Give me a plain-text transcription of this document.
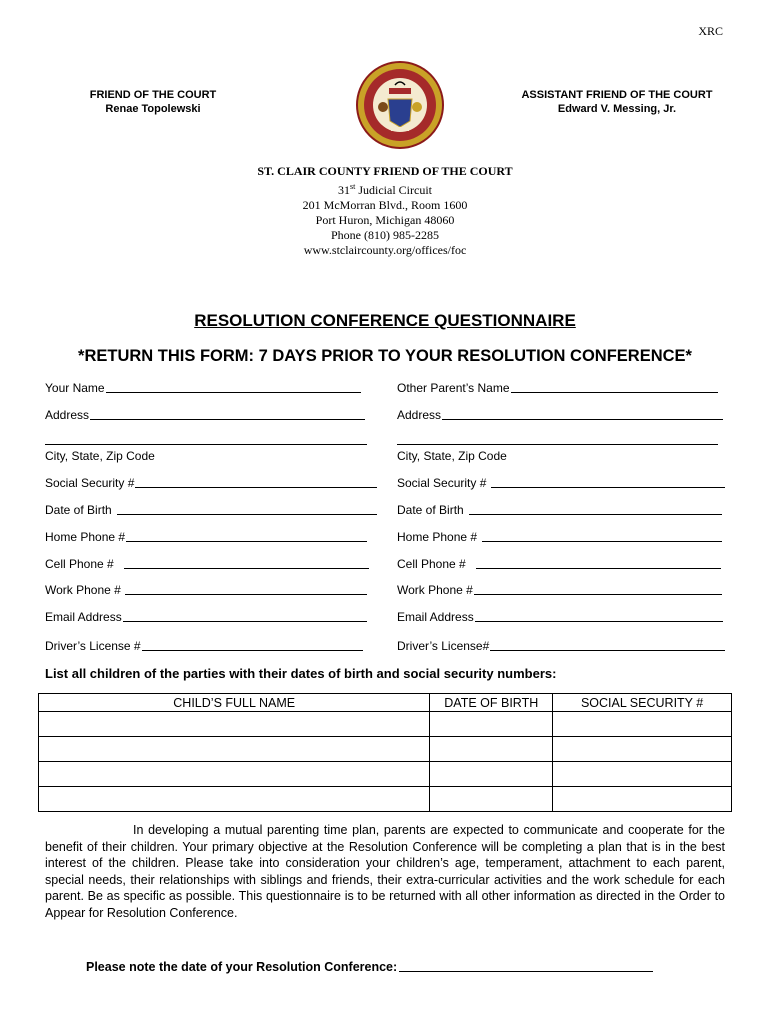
XRC
FRIEND OF THE COURT
Renae Topolewski
ASSISTANT FRIEND OF THE COURT
Edward V. Messing, Jr.
ST. CLAIR COUNTY FRIEND OF THE COURT
31st Judicial Circuit
201 McMorran Blvd., Room 1600
Port Huron, Michigan 48060
Phone (810) 985-2285
www.stclaircounty.org/offices/foc
RESOLUTION CONFERENCE QUESTIONNAIRE
*RETURN THIS FORM: 7 DAYS PRIOR TO YOUR RESOLUTION CONFERENCE*
Your Name
Address
City, State, Zip Code
Social Security #
Date of Birth
Home Phone #
Cell Phone #
Work Phone #
Email Address
Driver’s License #
Other Parent’s Name
Address
City, State, Zip Code
Social Security #
Date of Birth
Home Phone #
Cell Phone #
Work Phone #
Email Address
Driver’s License#
List all children of the parties with their dates of birth and social security numbers:
CHILD’S FULL NAME	DATE OF BIRTH	SOCIAL SECURITY #

In developing a mutual parenting time plan, parents are expected to communicate and cooperate for the benefit of their children. Your primary objective at the Resolution Conference will be completing a plan that is in the best interest of the children. Please take into consideration your children’s age, temperament, attachment to each parent, special needs, their relationships with siblings and friends, their extra-curricular activities and the work schedule for each parent. Be as specific as possible. This questionnaire is to be returned with all other information as directed in the Order to Appear for Resolution Conference.
Please note the date of your Resolution Conference:
